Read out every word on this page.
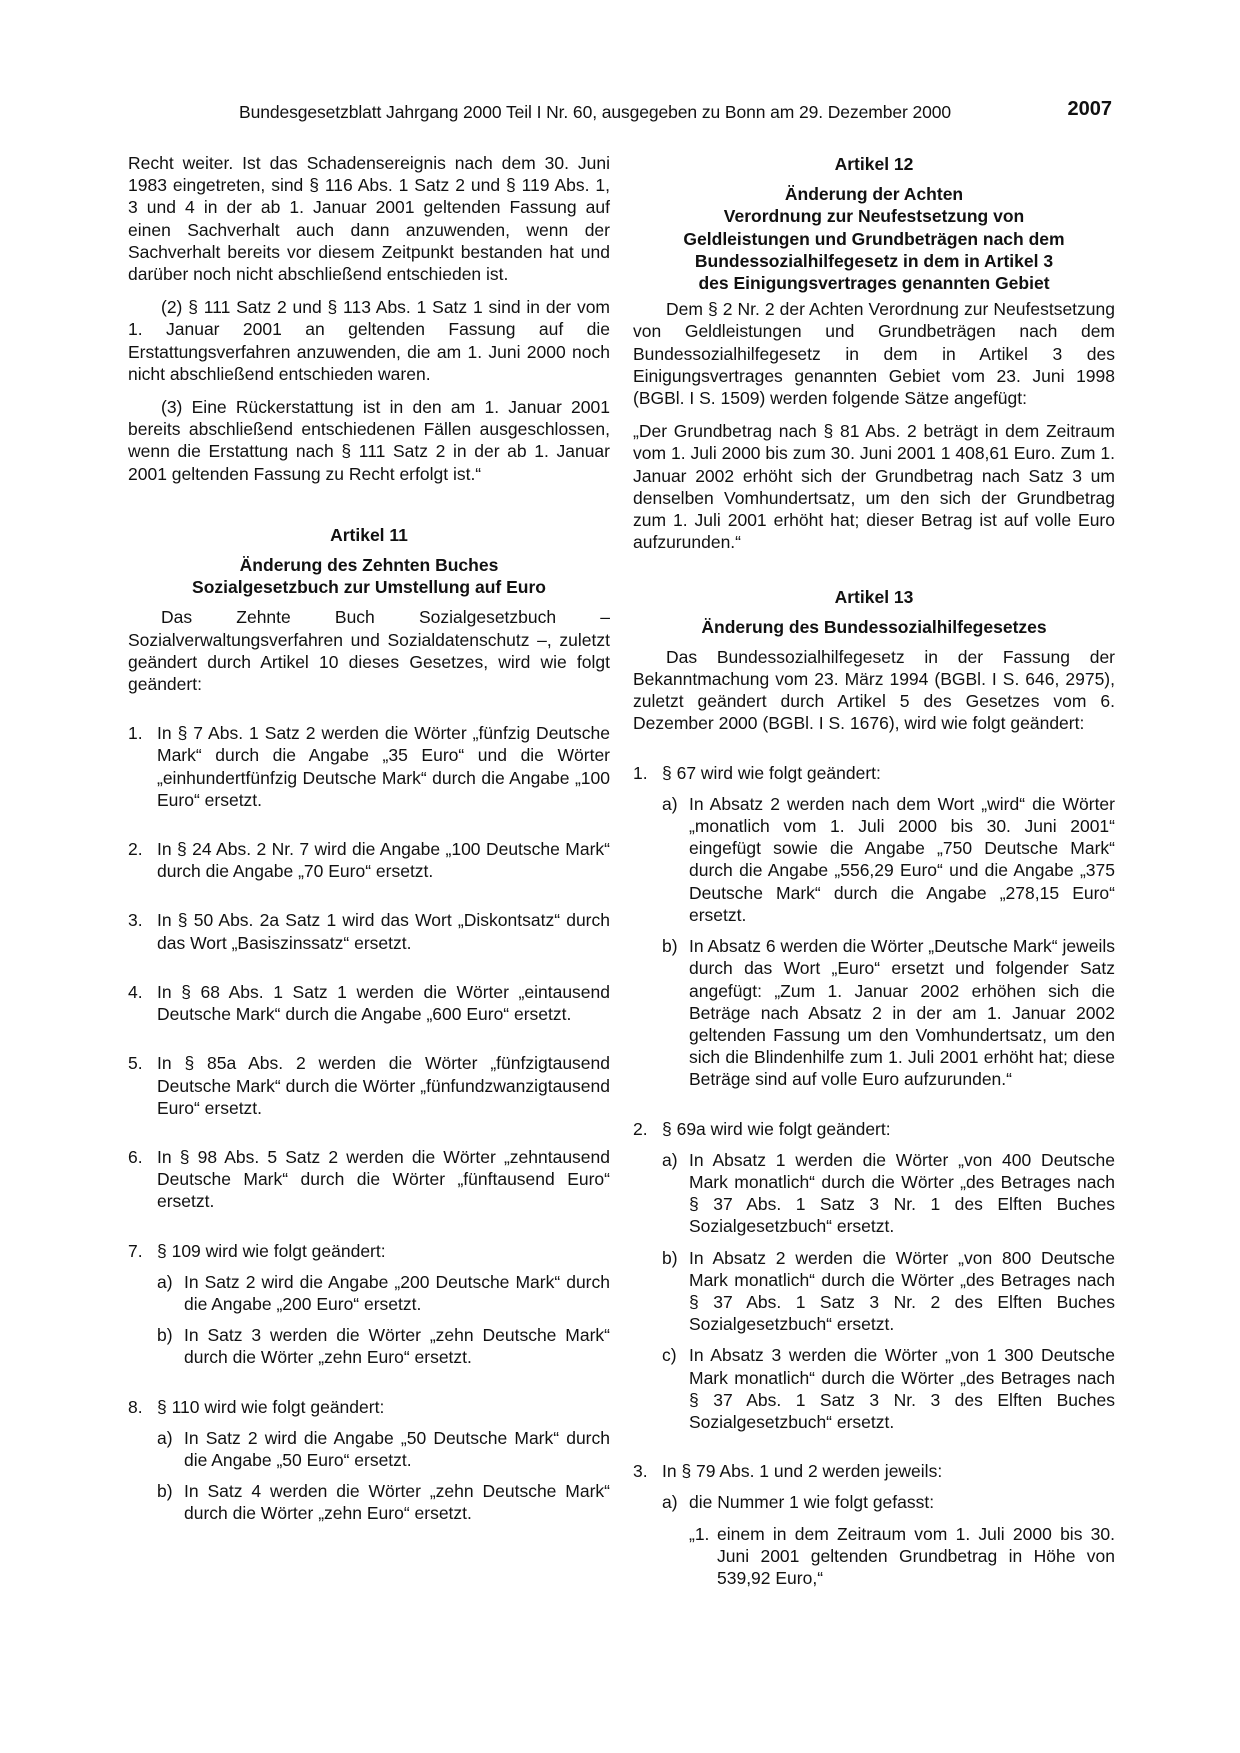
Bundesgesetzblatt Jahrgang 2000 Teil I Nr. 60, ausgegeben zu Bonn am 29. Dezember 2000	2007

Recht weiter. Ist das Schadensereignis nach dem 30. Juni 1983 eingetreten, sind § 116 Abs. 1 Satz 2 und § 119 Abs. 1, 3 und 4 in der ab 1. Januar 2001 geltenden Fassung auf einen Sachverhalt auch dann anzuwenden, wenn der Sachverhalt bereits vor diesem Zeitpunkt bestanden hat und darüber noch nicht abschließend entschieden ist.

(2) § 111 Satz 2 und § 113 Abs. 1 Satz 1 sind in der vom 1. Januar 2001 an geltenden Fassung auf die Erstattungsverfahren anzuwenden, die am 1. Juni 2000 noch nicht abschließend entschieden waren.

(3) Eine Rückerstattung ist in den am 1. Januar 2001 bereits abschließend entschiedenen Fällen ausgeschlossen, wenn die Erstattung nach § 111 Satz 2 in der ab 1. Januar 2001 geltenden Fassung zu Recht erfolgt ist.“

Artikel 11
Änderung des Zehnten Buches
Sozialgesetzbuch zur Umstellung auf Euro

Das Zehnte Buch Sozialgesetzbuch – Sozialverwaltungsverfahren und Sozialdatenschutz –, zuletzt geändert durch Artikel 10 dieses Gesetzes, wird wie folgt geändert:

1. In § 7 Abs. 1 Satz 2 werden die Wörter „fünfzig Deutsche Mark“ durch die Angabe „35 Euro“ und die Wörter „einhundertfünfzig Deutsche Mark“ durch die Angabe „100 Euro“ ersetzt.
2. In § 24 Abs. 2 Nr. 7 wird die Angabe „100 Deutsche Mark“ durch die Angabe „70 Euro“ ersetzt.
3. In § 50 Abs. 2a Satz 1 wird das Wort „Diskontsatz“ durch das Wort „Basiszinssatz“ ersetzt.
4. In § 68 Abs. 1 Satz 1 werden die Wörter „eintausend Deutsche Mark“ durch die Angabe „600 Euro“ ersetzt.
5. In § 85a Abs. 2 werden die Wörter „fünfzigtausend Deutsche Mark“ durch die Wörter „fünfundzwanzigtausend Euro“ ersetzt.
6. In § 98 Abs. 5 Satz 2 werden die Wörter „zehntausend Deutsche Mark“ durch die Wörter „fünftausend Euro“ ersetzt.
7. § 109 wird wie folgt geändert:
a) In Satz 2 wird die Angabe „200 Deutsche Mark“ durch die Angabe „200 Euro“ ersetzt.
b) In Satz 3 werden die Wörter „zehn Deutsche Mark“ durch die Wörter „zehn Euro“ ersetzt.
8. § 110 wird wie folgt geändert:
a) In Satz 2 wird die Angabe „50 Deutsche Mark“ durch die Angabe „50 Euro“ ersetzt.
b) In Satz 4 werden die Wörter „zehn Deutsche Mark“ durch die Wörter „zehn Euro“ ersetzt.
Artikel 12
Änderung der Achten
Verordnung zur Neufestsetzung von
Geldleistungen und Grundbeträgen nach dem
Bundessozialhilfegesetz in dem in Artikel 3
des Einigungsvertrages genannten Gebiet

Dem § 2 Nr. 2 der Achten Verordnung zur Neufestsetzung von Geldleistungen und Grundbeträgen nach dem Bundessozialhilfegesetz in dem in Artikel 3 des Einigungsvertrages genannten Gebiet vom 23. Juni 1998 (BGBl. I S. 1509) werden folgende Sätze angefügt:

„Der Grundbetrag nach § 81 Abs. 2 beträgt in dem Zeitraum vom 1. Juli 2000 bis zum 30. Juni 2001 1 408,61 Euro. Zum 1. Januar 2002 erhöht sich der Grundbetrag nach Satz 3 um denselben Vomhundertsatz, um den sich der Grundbetrag zum 1. Juli 2001 erhöht hat; dieser Betrag ist auf volle Euro aufzurunden.“

Artikel 13
Änderung des Bundessozialhilfegesetzes

Das Bundessozialhilfegesetz in der Fassung der Bekanntmachung vom 23. März 1994 (BGBl. I S. 646, 2975), zuletzt geändert durch Artikel 5 des Gesetzes vom 6. Dezember 2000 (BGBl. I S. 1676), wird wie folgt geändert:

1. § 67 wird wie folgt geändert:
a) In Absatz 2 werden nach dem Wort „wird“ die Wörter „monatlich vom 1. Juli 2000 bis 30. Juni 2001“ eingefügt sowie die Angabe „750 Deutsche Mark“ durch die Angabe „556,29 Euro“ und die Angabe „375 Deutsche Mark“ durch die Angabe „278,15 Euro“ ersetzt.
b) In Absatz 6 werden die Wörter „Deutsche Mark“ jeweils durch das Wort „Euro“ ersetzt und folgender Satz angefügt: „Zum 1. Januar 2002 erhöhen sich die Beträge nach Absatz 2 in der am 1. Januar 2002 geltenden Fassung um den Vomhundertsatz, um den sich die Blindenhilfe zum 1. Juli 2001 erhöht hat; diese Beträge sind auf volle Euro aufzurunden.“
2. § 69a wird wie folgt geändert:
a) In Absatz 1 werden die Wörter „von 400 Deutsche Mark monatlich“ durch die Wörter „des Betrages nach § 37 Abs. 1 Satz 3 Nr. 1 des Elften Buches Sozialgesetzbuch“ ersetzt.
b) In Absatz 2 werden die Wörter „von 800 Deutsche Mark monatlich“ durch die Wörter „des Betrages nach § 37 Abs. 1 Satz 3 Nr. 2 des Elften Buches Sozialgesetzbuch“ ersetzt.
c) In Absatz 3 werden die Wörter „von 1 300 Deutsche Mark monatlich“ durch die Wörter „des Betrages nach § 37 Abs. 1 Satz 3 Nr. 3 des Elften Buches Sozialgesetzbuch“ ersetzt.
3. In § 79 Abs. 1 und 2 werden jeweils:
a) die Nummer 1 wie folgt gefasst:
„1. einem in dem Zeitraum vom 1. Juli 2000 bis 30. Juni 2001 geltenden Grundbetrag in Höhe von 539,92 Euro,“
